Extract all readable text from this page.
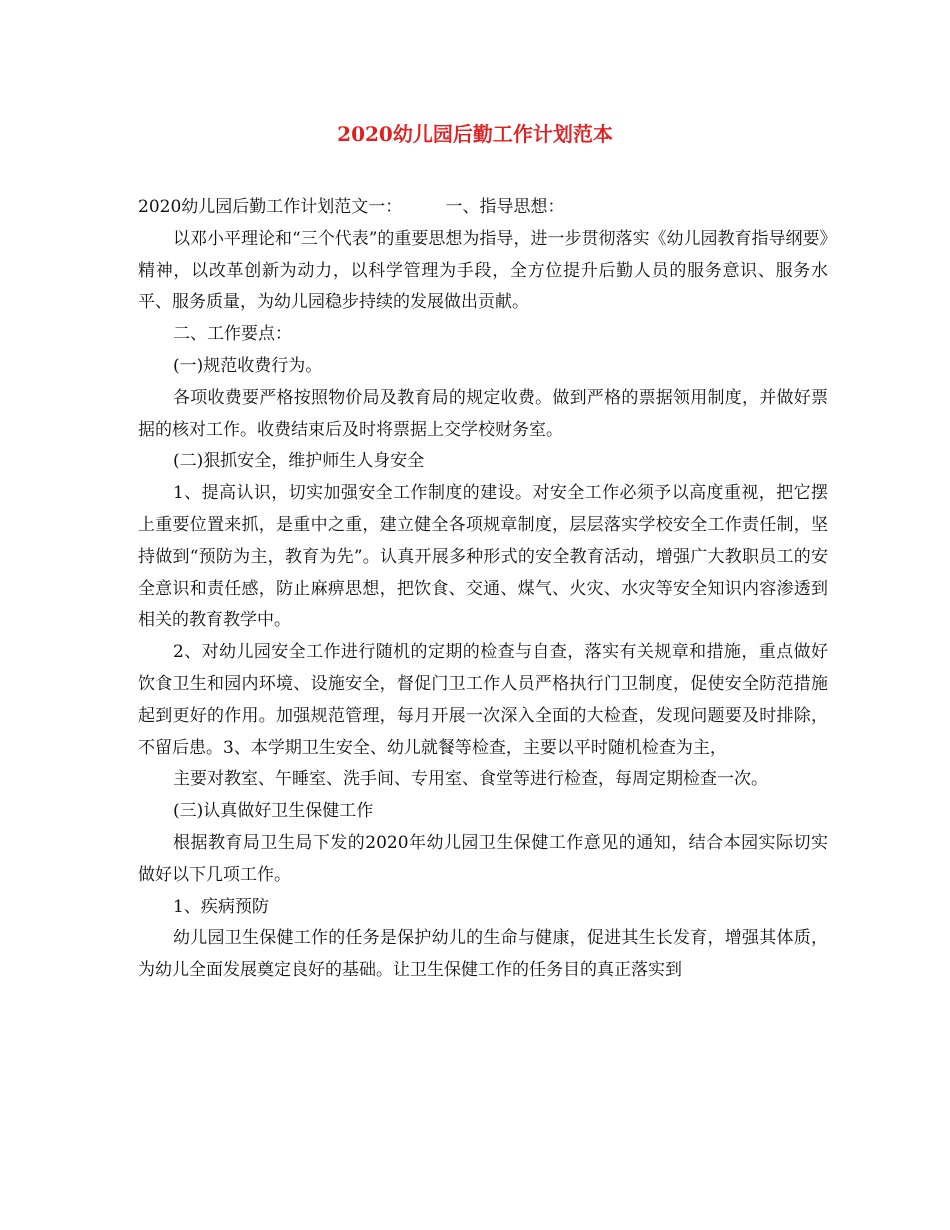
2020幼儿园后勤工作计划范本

2020幼儿园后勤工作计划范文一：        一、指导思想：

以邓小平理论和“三个代表”的重要思想为指导，进一步贯彻落实《幼儿园教育指导纲要》精神，以改革创新为动力，以科学管理为手段，全方位提升后勤人员的服务意识、服务水平、服务质量，为幼儿园稳步持续的发展做出贡献。

二、工作要点：

(一)规范收费行为。

各项收费要严格按照物价局及教育局的规定收费。做到严格的票据领用制度，并做好票据的核对工作。收费结束后及时将票据上交学校财务室。

(二)狠抓安全，维护师生人身安全

1、提高认识，切实加强安全工作制度的建设。对安全工作必须予以高度重视，把它摆上重要位置来抓，是重中之重，建立健全各项规章制度，层层落实学校安全工作责任制，坚持做到“预防为主，教育为先”。认真开展多种形式的安全教育活动，增强广大教职员工的安全意识和责任感，防止麻痹思想，把饮食、交通、煤气、火灾、水灾等安全知识内容渗透到相关的教育教学中。

2、对幼儿园安全工作进行随机的定期的检查与自查，落实有关规章和措施，重点做好饮食卫生和园内环境、设施安全，督促门卫工作人员严格执行门卫制度，促使安全防范措施起到更好的作用。加强规范管理，每月开展一次深入全面的大检查，发现问题要及时排除，不留后患。3、本学期卫生安全、幼儿就餐等检查，主要以平时随机检查为主，

主要对教室、午睡室、洗手间、专用室、食堂等进行检查，每周定期检查一次。

(三)认真做好卫生保健工作

根据教育局卫生局下发的2020年幼儿园卫生保健工作意见的通知，结合本园实际切实做好以下几项工作。

1、疾病预防

幼儿园卫生保健工作的任务是保护幼儿的生命与健康，促进其生长发育，增强其体质，为幼儿全面发展奠定良好的基础。让卫生保健工作的任务目的真正落实到
